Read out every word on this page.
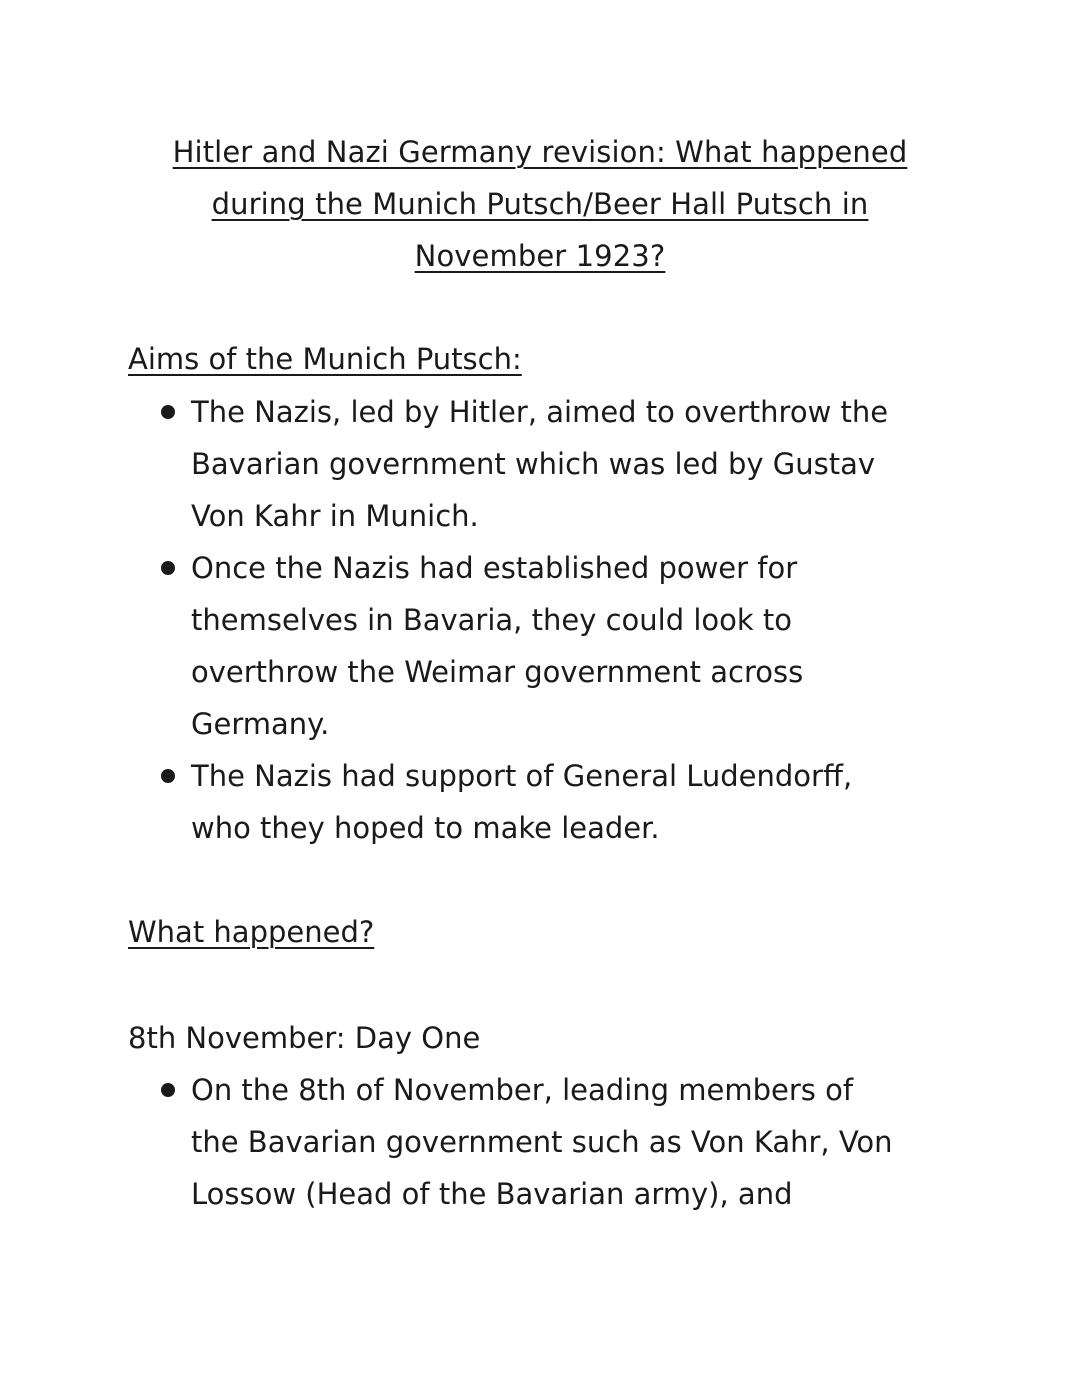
Hitler and Nazi Germany revision: What happened
during the Munich Putsch/Beer Hall Putsch in
November 1923?
Aims of the Munich Putsch:
The Nazis, led by Hitler, aimed to overthrow the
Bavarian government which was led by Gustav
Von Kahr in Munich.
Once the Nazis had established power for
themselves in Bavaria, they could look to
overthrow the Weimar government across
Germany.
The Nazis had support of General Ludendorff,
who they hoped to make leader.
What happened?
8th November: Day One
On the 8th of November, leading members of
the Bavarian government such as Von Kahr, Von
Lossow (Head of the Bavarian army), and
